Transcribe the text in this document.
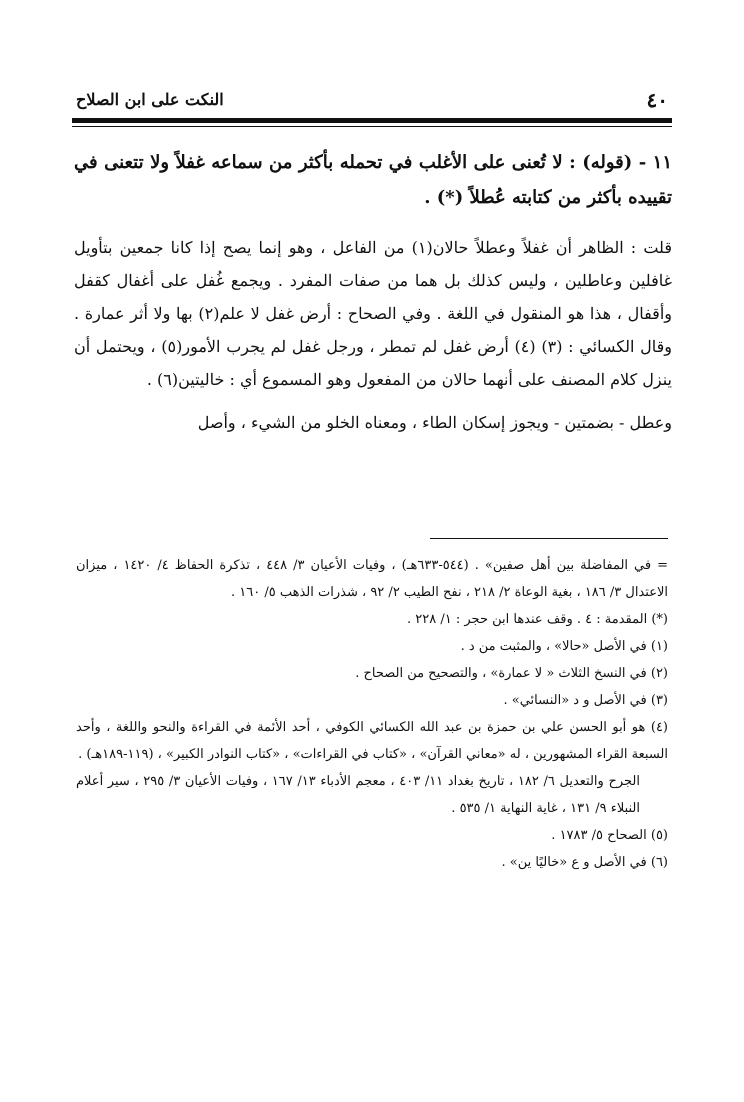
٤٠
النكت على ابن الصلاح

١١ - (قوله) : لا تُعنى على الأغلب في تحمله بأكثر من سماعه غفلاً ولا تتعنى في تقييده بأكثر من كتابته عُطلاً (*) .

قلت : الظاهر أن غفلاً وعطلاً حالان(١) من الفاعل ، وهو إنما يصح إذا كانا جمعين بتأويل غافلين وعاطلين ، وليس كذلك بل هما من صفات المفرد . ويجمع غُفل على أغفال كقفل وأقفال ، هذا هو المنقول في اللغة . وفي الصحاح : أرض غفل لا علم(٢) بها ولا أثر عمارة . وقال الكسائي : (٣) (٤) أرض غفل لم تمطر ، ورجل غفل لم يجرب الأمور(٥) ، ويحتمل أن ينزل كلام المصنف على أنهما حالان من المفعول وهو المسموع أي : خاليتين(٦) .

وعطل - بضمتين - ويجوز إسكان الطاء ، ومعناه الخلو من الشيء ، وأصل

= في المفاضلة بين أهل صفين» . (٥٤٤-٦٣٣هـ) ، وفيات الأعيان ٣/ ٤٤٨ ، تذكرة الحفاظ ٤/ ١٤٢٠ ، ميزان الاعتدال ٣/ ١٨٦ ، بغية الوعاة ٢/ ٢١٨ ، نفح الطيب ٢/ ٩٢ ، شذرات الذهب ٥/ ١٦٠ .

(*) المقدمة : ٤ . وقف عندها ابن حجر : ١/ ٢٢٨ .

(١) في الأصل «حالا» ، والمثبت من د .

(٢) في النسخ الثلاث « لا عمارة» ، والتصحيح من الصحاح .

(٣) في الأصل و د «النسائي» .

(٤) هو أبو الحسن علي بن حمزة بن عبد الله الكسائي الكوفي ، أحد الأئمة في القراءة والنحو واللغة ، وأحد السبعة القراء المشهورين ، له «معاني القرآن» ، «كتاب في القراءات» ، «كتاب النوادر الكبير» ، (١١٩-١٨٩هـ) .

الجرح والتعديل ٦/ ١٨٢ ، تاريخ بغداد ١١/ ٤٠٣ ، معجم الأدباء ١٣/ ١٦٧ ، وفيات الأعيان ٣/ ٢٩٥ ، سير أعلام النبلاء ٩/ ١٣١ ، غاية النهاية ١/ ٥٣٥ .

(٥) الصحاح ٥/ ١٧٨٣ .

(٦) في الأصل و ع «خاليًا ين» .
